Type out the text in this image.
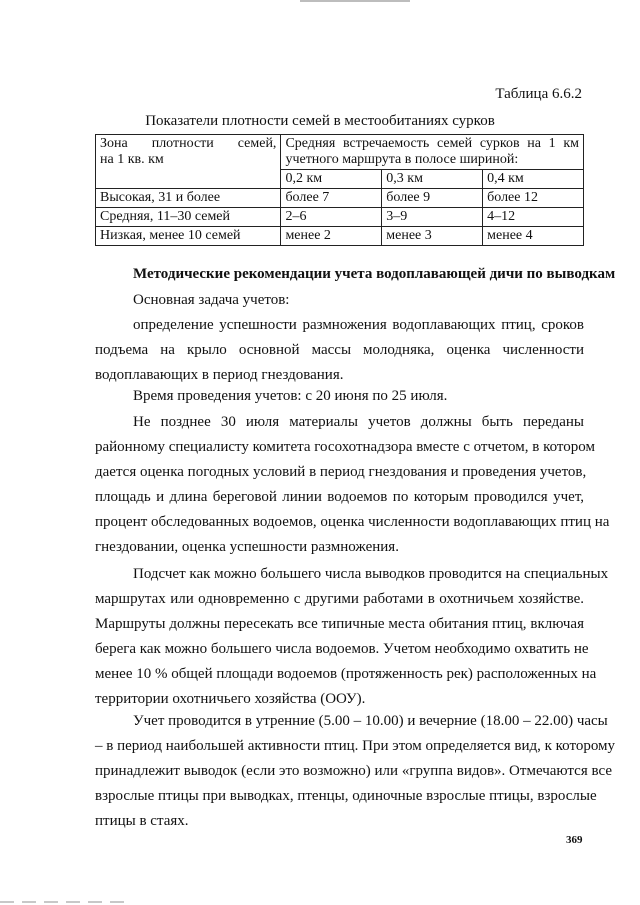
Таблица 6.6.2
Показатели плотности семей в местообитаниях сурков
Зона плотности семей,
на 1 кв. км	Средняя встречаемость семей сурков на 1 км
учетного маршрута в полосе шириной:		

	0,2 км	0,3 км	0,4 км
Высокая, 31 и более	более 7	более 9	более 12
Средняя, 11–30 семей	2–6	3–9	4–12
Низкая, менее 10 семей	менее 2	менее 3	менее 4
Методические рекомендации учета водоплавающей дичи по выводкам
Основная задача учетов:
определение успешности размножения водоплавающих птиц, сроков
подъема на крыло основной массы молодняка, оценка численности
водоплавающих в период гнездования.
Время проведения учетов: с 20 июня по 25 июля.
Не позднее 30 июля материалы учетов должны быть переданы
районному специалисту комитета госохотнадзора вместе с отчетом, в котором
дается оценка погодных условий в период гнездования и проведения учетов,
площадь и длина береговой линии водоемов по которым проводился учет,
процент обследованных водоемов, оценка численности водоплавающих птиц на
гнездовании, оценка успешности размножения.
Подсчет как можно большего числа выводков проводится на специальных
маршрутах или одновременно с другими работами в охотничьем хозяйстве.
Маршруты должны пересекать все типичные места обитания птиц, включая
берега как можно большего числа водоемов. Учетом необходимо охватить не
менее 10 % общей площади водоемов (протяженность рек) расположенных на
территории охотничьего хозяйства (ООУ).
Учет проводится в утренние (5.00 – 10.00) и вечерние (18.00 – 22.00) часы
– в период наибольшей активности птиц. При этом определяется вид, к которому
принадлежит выводок (если это возможно) или «группа видов». Отмечаются все
взрослые птицы при выводках, птенцы, одиночные взрослые птицы, взрослые
птицы в стаях.
369
